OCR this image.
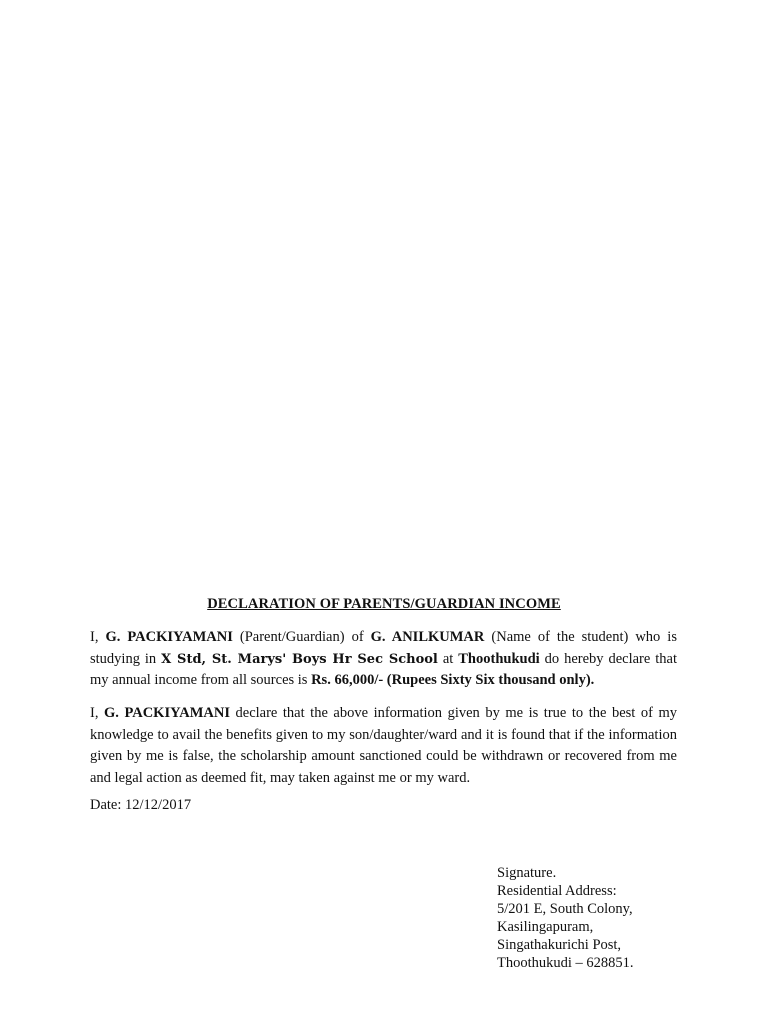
DECLARATION OF PARENTS/GUARDIAN INCOME

I, G. PACKIYAMANI (Parent/Guardian) of G. ANILKUMAR (Name of the student) who is studying in X Std, St. Marys' Boys Hr Sec School at Thoothukudi do hereby declare that my annual income from all sources is Rs. 66,000/- (Rupees Sixty Six thousand only).

I, G. PACKIYAMANI declare that the above information given by me is true to the best of my knowledge to avail the benefits given to my son/daughter/ward and it is found that if the information given by me is false, the scholarship amount sanctioned could be withdrawn or recovered from me and legal action as deemed fit, may taken against me or my ward.

Date: 12/12/2017
Signature.
Residential Address:
5/201 E, South Colony,
Kasilingapuram,
Singathakurichi Post,
Thoothukudi – 628851.
